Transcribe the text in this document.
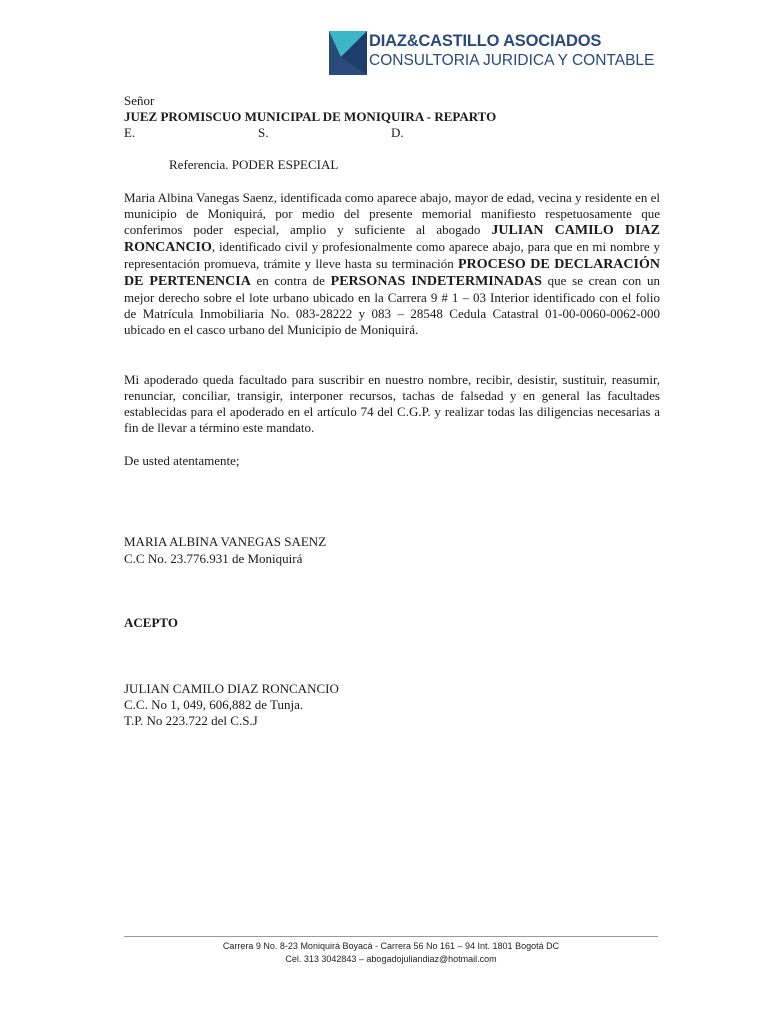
DIAZ&CASTILLO ASOCIADOS
CONSULTORIA JURIDICA Y CONTABLE
Señor
JUEZ PROMISCUO MUNICIPAL DE MONIQUIRA - REPARTO
E.	S.	D.
Referencia. PODER ESPECIAL
Maria Albina Vanegas Saenz, identificada como aparece abajo, mayor de edad, vecina y residente en el municipio de Moniquirá, por medio del presente memorial manifiesto respetuosamente que conferimos poder especial, amplio y suficiente al abogado JULIAN CAMILO DIAZ RONCANCIO, identificado civil y profesionalmente como aparece abajo, para que en mi nombre y representación promueva, trámite y lleve hasta su terminación PROCESO DE DECLARACIÓN DE PERTENENCIA en contra de PERSONAS INDETERMINADAS que se crean con un mejor derecho sobre el lote urbano ubicado en la Carrera 9 # 1 – 03 Interior identificado con el folio de Matrícula Inmobiliaria No. 083-28222 y 083 – 28548 Cedula Catastral 01-00-0060-0062-000 ubicado en el casco urbano del Municipio de Moniquirá.
Mi apoderado queda facultado para suscribir en nuestro nombre, recibir, desistir, sustituir, reasumir, renunciar, conciliar, transigir, interponer recursos, tachas de falsedad y en general las facultades establecidas para el apoderado en el artículo 74 del C.G.P. y realizar todas las diligencias necesarias a fin de llevar a término este mandato.
De usted atentamente;
MARIA ALBINA VANEGAS SAENZ
C.C No. 23.776.931 de Moniquirá
ACEPTO
JULIAN CAMILO DIAZ RONCANCIO
C.C. No 1, 049, 606,882 de Tunja.
T.P. No 223.722 del C.S.J
Carrera 9 No. 8-23 Moniquirá Boyacá - Carrera 56 No 161 – 94 Int. 1801 Bogotá DC
Cel. 313 3042843 – abogadojuliandiaz@hotmail.com
